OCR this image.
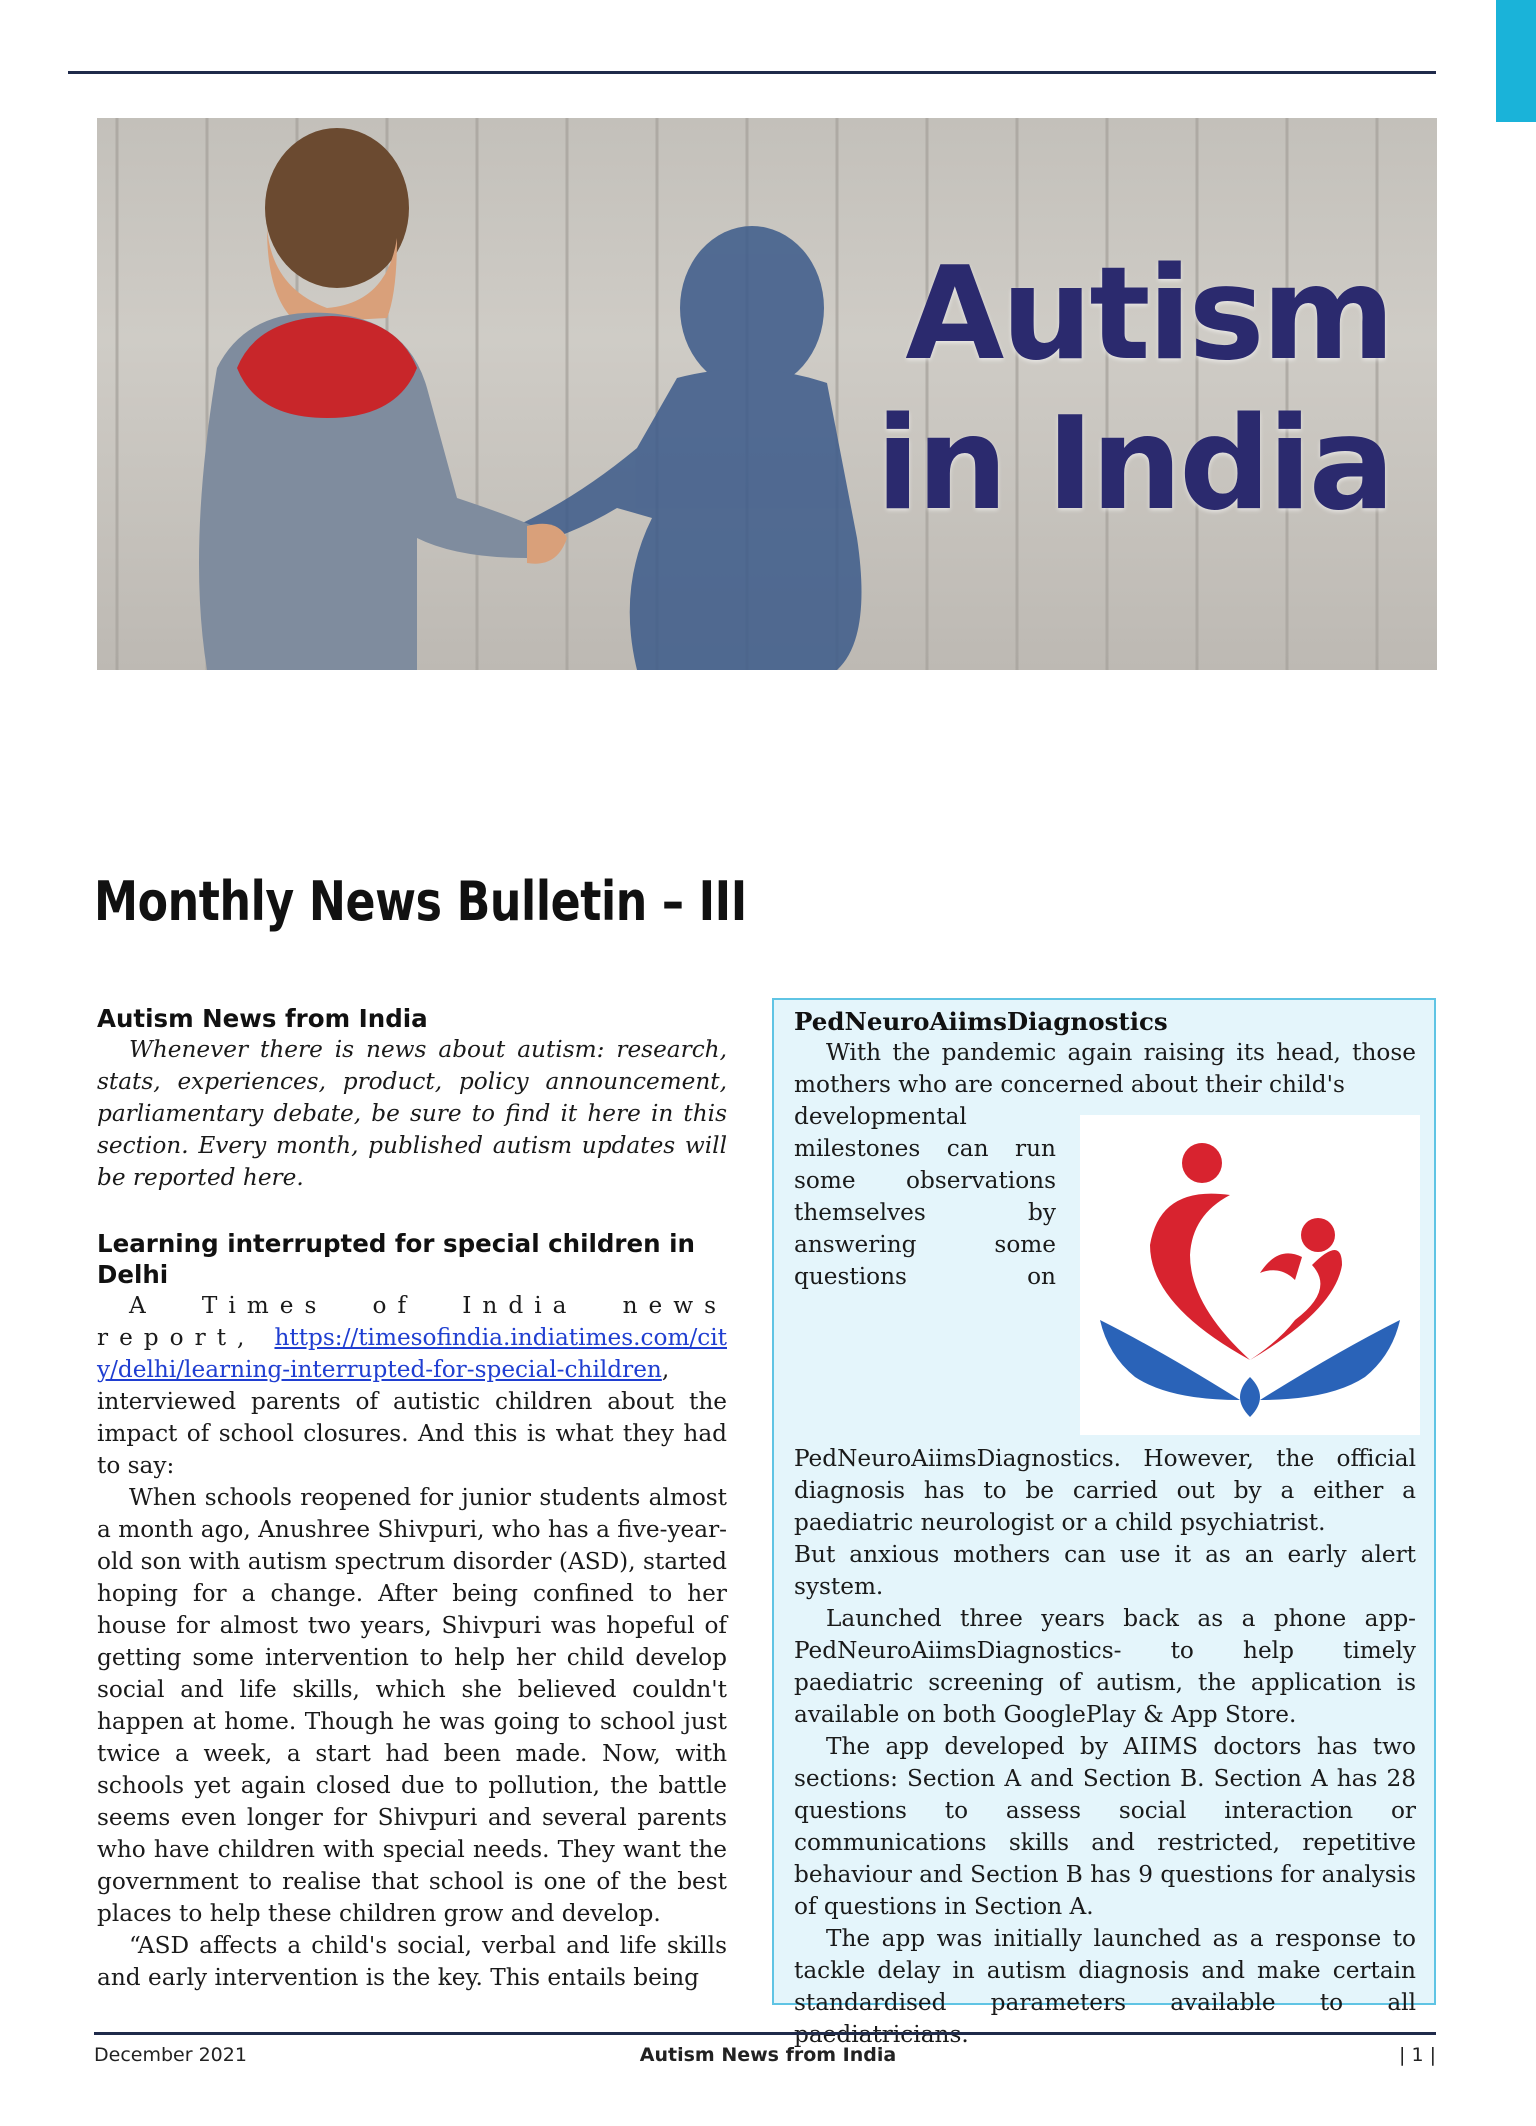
Autism
in India
Monthly News Bulletin – III
Autism News from India

Whenever there is news about autism: research, stats, experiences, product, policy announcement, parliamentary debate, be sure to find it here in this section. Every month, published autism updates will be reported here.

Learning interrupted for special children in Delhi

A Times of India news report, https://timesofindia.indiatimes.com/city/delhi/learning-interrupted-for-special-children, interviewed parents of autistic children about the impact of school closures. And this is what they had to say:

When schools reopened for junior students almost a month ago, Anushree Shivpuri, who has a five-year-old son with autism spectrum disorder (ASD), started hoping for a change. After being confined to her house for almost two years, Shivpuri was hopeful of getting some intervention to help her child develop social and life skills, which she believed couldn't happen at home. Though he was going to school just twice a week, a start had been made. Now, with schools yet again closed due to pollution, the battle seems even longer for Shivpuri and several parents who have children with special needs. They want the government to realise that school is one of the best places to help these children grow and develop.

“ASD affects a child's social, verbal and life skills and early intervention is the key. This entails being

PedNeuroAiimsDiagnostics

With the pandemic again raising its head, those mothers who are concerned about their child's

developmental milestones can run some observations themselves by answering some questions on PedNeuroAiimsDiagnostics. However, the official diagnosis has to be carried out by a either a paediatric neurologist or a child psychiatrist.

But anxious mothers can use it as an early alert system.

Launched three years back as a phone app- PedNeuroAiimsDiagnostics- to help timely paediatric screening of autism, the application is available on both GooglePlay & App Store.

The app developed by AIIMS doctors has two sections: Section A and Section B. Section A has 28 questions to assess social interaction or communications skills and restricted, repetitive behaviour and Section B has 9 questions for analysis of questions in Section A.

The app was initially launched as a response to tackle delay in autism diagnosis and make certain standardised parameters available to all

December 2021	Autism News from India	| 1 |
